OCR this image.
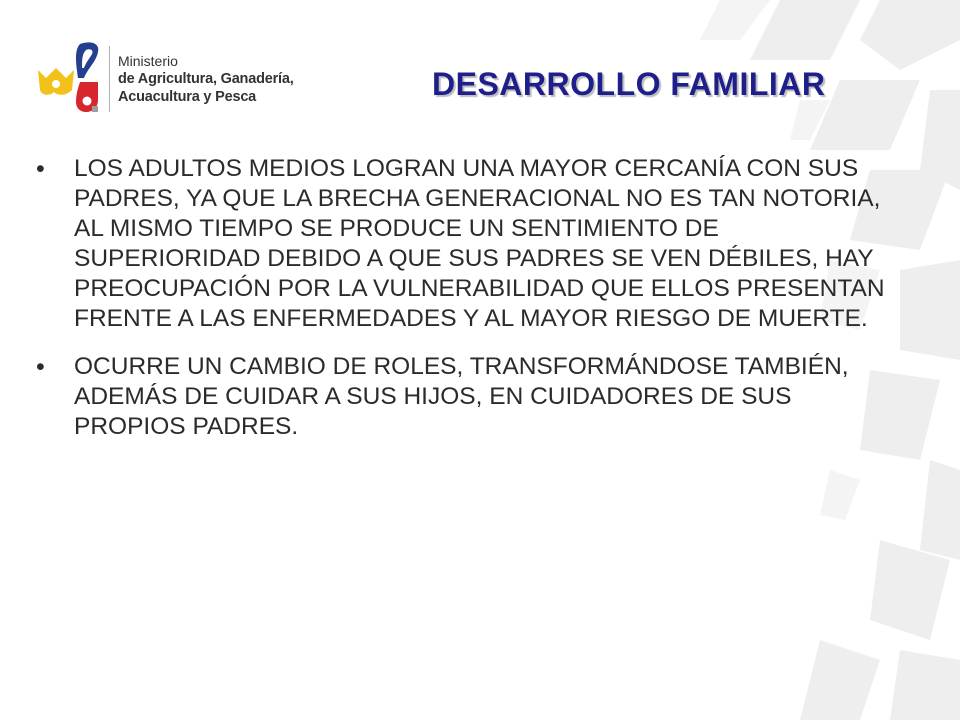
Ministerio
de Agricultura, Ganadería,
Acuacultura y Pesca	DESARROLLO FAMILIAR
• LOS ADULTOS MEDIOS LOGRAN UNA MAYOR CERCANÍA CON SUS PADRES, YA QUE LA BRECHA GENERACIONAL NO ES TAN NOTORIA, AL MISMO TIEMPO SE PRODUCE UN SENTIMIENTO DE SUPERIORIDAD DEBIDO A QUE SUS PADRES SE VEN DÉBILES, HAY PREOCUPACIÓN POR LA VULNERABILIDAD QUE ELLOS PRESENTAN FRENTE A LAS ENFERMEDADES Y AL MAYOR RIESGO DE MUERTE.
• OCURRE UN CAMBIO DE ROLES, TRANSFORMÁNDOSE TAMBIÉN, ADEMÁS DE CUIDAR A SUS HIJOS, EN CUIDADORES DE SUS PROPIOS PADRES.
